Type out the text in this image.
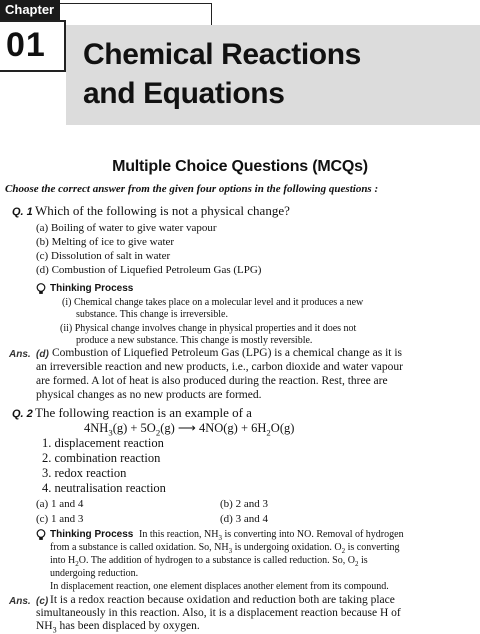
Chapter
01 Chemical Reactions
and Equations
Multiple Choice Questions (MCQs)
Choose the correct answer from the given four options in the following questions :
Q. 1 Which of the following is not a physical change?
(a) Boiling of water to give water vapour
(b) Melting of ice to give water
(c) Dissolution of salt in water
(d) Combustion of Liquefied Petroleum Gas (LPG)
Thinking Process
(i) Chemical change takes place on a molecular level and it produces a new
substance. This change is irreversible.
(ii) Physical change involves change in physical properties and it does not
produce a new substance. This change is mostly reversible.
Ans. (d) Combustion of Liquefied Petroleum Gas (LPG) is a chemical change as it is
an irreversible reaction and new products, i.e., carbon dioxide and water vapour
are formed. A lot of heat is also produced during the reaction. Rest, three are
physical changes as no new products are formed.
Q. 2 The following reaction is an example of a
$4NH_3(g) + 5O_2(g)$ ⟶ $4NO(g) + 6H_2O(g)$
1. displacement reaction
2. combination reaction
3. redox reaction
4. neutralisation reaction
(a) 1 and 4	(b) 2 and 3
(c) 1 and 3	(d) 3 and 4
Thinking Process In this reaction, $NH_3$ is converting into NO. Removal of hydrogen
from a substance is called oxidation. So, $NH_3$ is undergoing oxidation. $O_2$ is converting
into $H_2O$. The addition of hydrogen to a substance is called reduction. So, $O_2$ is
undergoing reduction.
In displacement reaction, one element displaces another element from its compound.
Ans. (c) It is a redox reaction because oxidation and reduction both are taking place
simultaneously in this reaction. Also, it is a displacement reaction because H of
$NH_3$ has been displaced by oxygen.
